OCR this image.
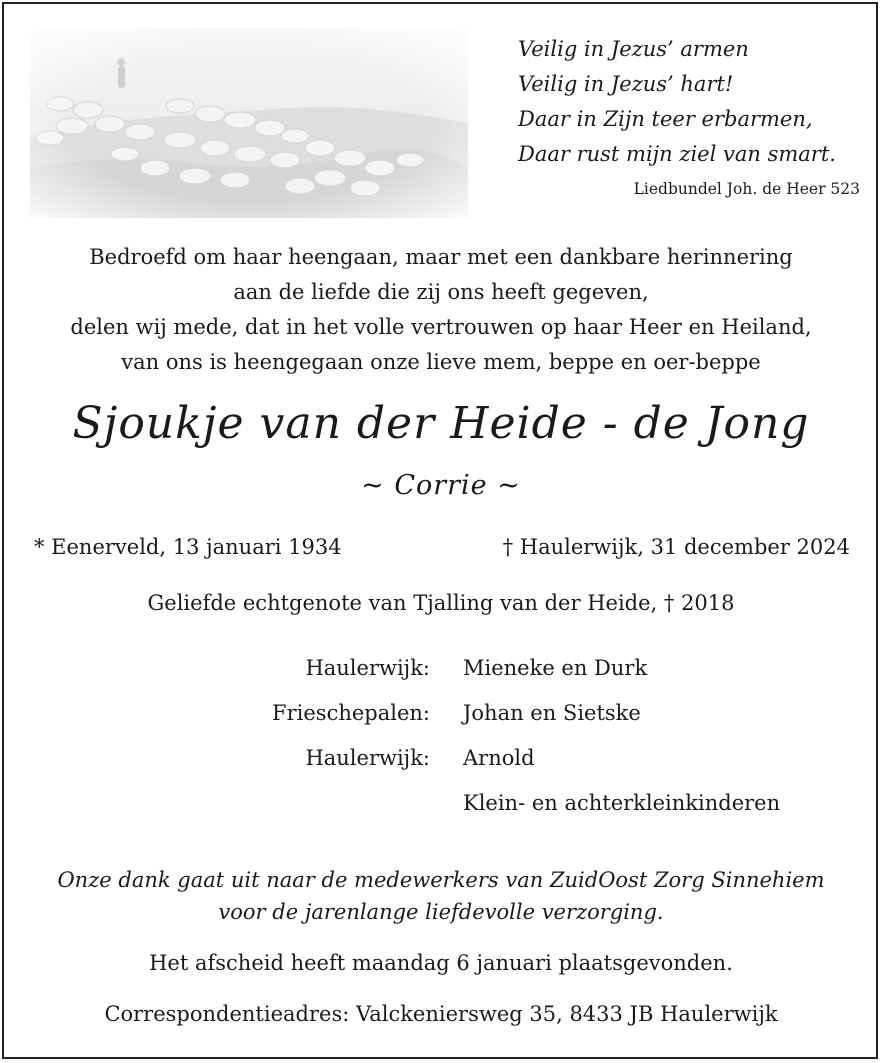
Veilig in Jezus’ armen
Veilig in Jezus’ hart!
Daar in Zijn teer erbarmen,
Daar rust mijn ziel van smart.
Liedbundel Joh. de Heer 523
Bedroefd om haar heengaan, maar met een dankbare herinnering
aan de liefde die zij ons heeft gegeven,
delen wij mede, dat in het volle vertrouwen op haar Heer en Heiland,
van ons is heengegaan onze lieve mem, beppe en oer-beppe
Sjoukje van der Heide - de Jong
~ Corrie ~
* Eenerveld, 13 januari 1934	† Haulerwijk, 31 december 2024
Geliefde echtgenote van Tjalling van der Heide, † 2018
Haulerwijk: Mieneke en Durk
Frieschepalen: Johan en Sietske
Haulerwijk: Arnold
Klein- en achterkleinkinderen
Onze dank gaat uit naar de medewerkers van ZuidOost Zorg Sinnehiem
voor de jarenlange liefdevolle verzorging.
Het afscheid heeft maandag 6 januari plaatsgevonden.
Correspondentieadres: Valckeniersweg 35, 8433 JB Haulerwijk
